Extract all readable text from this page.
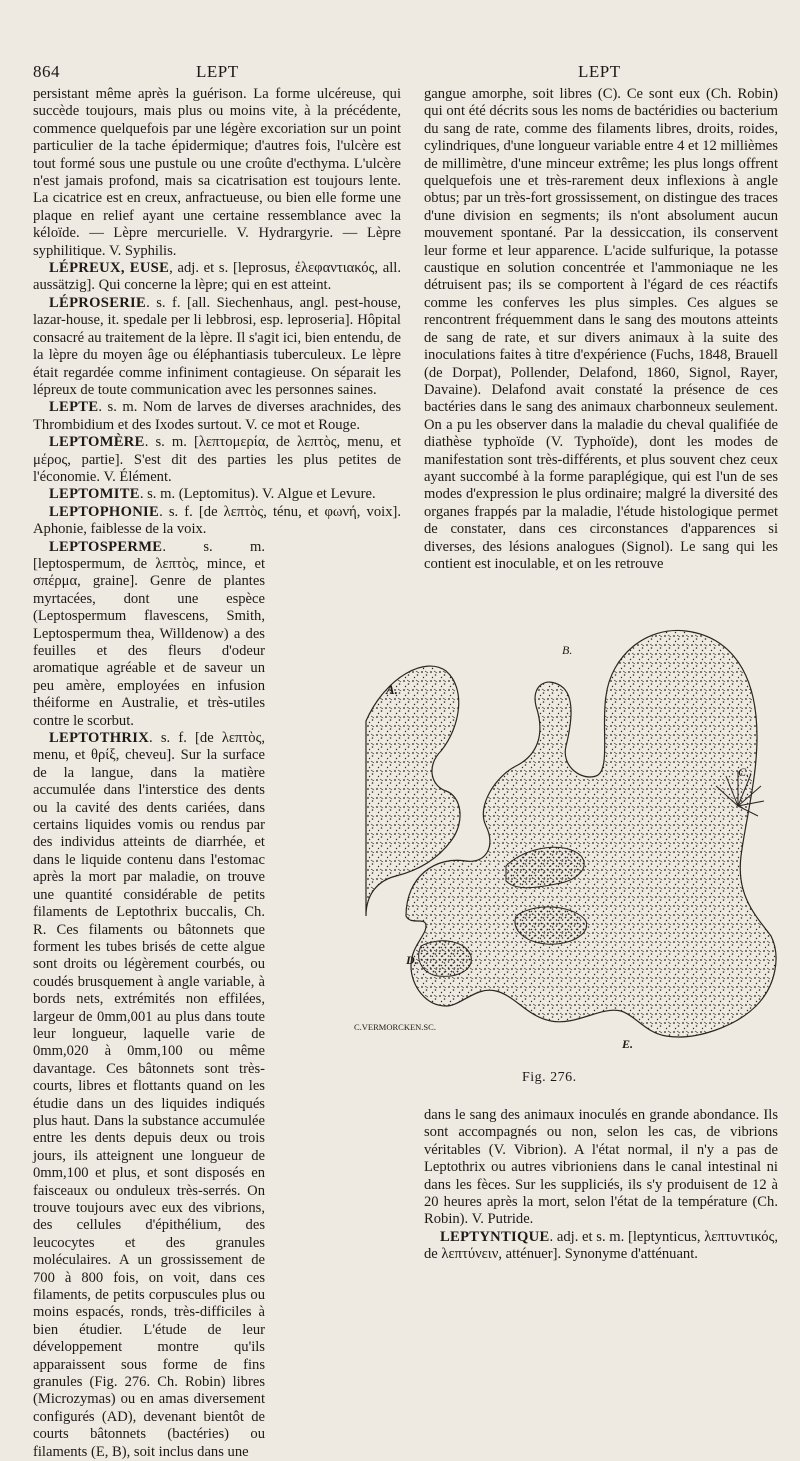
864	LEPT	LEPT

persistant même après la guérison. La forme ulcéreuse, qui succède toujours, mais plus ou moins vite, à la précédente, commence quelquefois par une légère excoriation sur un point particulier de la tache épidermique; d'autres fois, l'ulcère est tout formé sous une pustule ou une croûte d'ecthyma. L'ulcère n'est jamais profond, mais sa cicatrisation est toujours lente. La cicatrice est en creux, anfractueuse, ou bien elle forme une plaque en relief ayant une certaine ressemblance avec la kéloïde. — Lèpre mercurielle. V. Hydrargyrie. — Lèpre syphilitique. V. Syphilis.

LÉPREUX, EUSE, adj. et s. [leprosus, ἐλεφαντιακός, all. aussätzig]. Qui concerne la lèpre; qui en est atteint.

LÉPROSERIE. s. f. [all. Siechenhaus, angl. pest-house, lazar-house, it. spedale per li lebbrosi, esp. leproseria]. Hôpital consacré au traitement de la lèpre. Il s'agit ici, bien entendu, de la lèpre du moyen âge ou éléphantiasis tuberculeux. Le lèpre était regardée comme infiniment contagieuse. On séparait les lépreux de toute communication avec les personnes saines.

LEPTE. s. m. Nom de larves de diverses arachnides, des Thrombidium et des Ixodes surtout. V. ce mot et Rouge.

LEPTOMÈRE. s. m. [λεπτομερία, de λεπτὸς, menu, et μέρος, partie]. S'est dit des parties les plus petites de l'économie. V. Élément.

LEPTOMITE. s. m. (Leptomitus). V. Algue et Levure.

LEPTOPHONIE. s. f. [de λεπτὸς, ténu, et φωνή, voix]. Aphonie, faiblesse de la voix.

LEPTOSPERME. s. m. [leptospermum, de λεπτὸς, mince, et σπέρμα, graine]. Genre de plantes myrtacées, dont une espèce (Leptospermum flavescens, Smith, Leptospermum thea, Willdenow) a des feuilles et des fleurs d'odeur aromatique agréable et de saveur un peu amère, employées en infusion théiforme en Australie, et très-utiles contre le scorbut.

LEPTOTHRIX. s. f. [de λεπτὸς, menu, et θρίξ, cheveu]. Sur la surface de la langue, dans la matière accumulée dans l'interstice des dents ou la cavité des dents cariées, dans certains liquides vomis ou rendus par des individus atteints de diarrhée, et dans le liquide contenu dans l'estomac après la mort par maladie, on trouve une quantité considérable de petits filaments de Leptothrix buccalis, Ch. R. Ces filaments ou bâtonnets que forment les tubes brisés de cette algue sont droits ou légèrement courbés, ou coudés brusquement à angle variable, à bords nets, extrémités non effilées, largeur de 0mm,001 au plus dans toute leur longueur, laquelle varie de 0mm,020 à 0mm,100 ou même davantage. Ces bâtonnets sont très-courts, libres et flottants quand on les étudie dans un des liquides indiqués plus haut. Dans la substance accumulée entre les dents depuis deux ou trois jours, ils atteignent une longueur de 0mm,100 et plus, et sont disposés en faisceaux ou onduleux très-serrés. On trouve toujours avec eux des vibrions, des cellules d'épithélium, des leucocytes et des granules moléculaires. A un grossissement de 700 à 800 fois, on voit, dans ces filaments, de petits corpuscules plus ou moins espacés, ronds, très-difficiles à bien étudier. L'étude de leur développement montre qu'ils apparaissent sous forme de fins granules (Fig. 276. Ch. Robin) libres (Microzymas) ou en amas diversement configurés (AD), devenant bientôt de courts bâtonnets (bactéries) ou filaments (E, B), soit inclus dans une

gangue amorphe, soit libres (C). Ce sont eux (Ch. Robin) qui ont été décrits sous les noms de bactéridies ou bacterium du sang de rate, comme des filaments libres, droits, roides, cylindriques, d'une longueur variable entre 4 et 12 millièmes de millimètre, d'une minceur extrême; les plus longs offrent quelquefois une et très-rarement deux inflexions à angle obtus; par un très-fort grossissement, on distingue des traces d'une division en segments; ils n'ont absolument aucun mouvement spontané. Par la dessiccation, ils conservent leur forme et leur apparence. L'acide sulfurique, la potasse caustique en solution concentrée et l'ammoniaque ne les détruisent pas; ils se comportent à l'égard de ces réactifs comme les conferves les plus simples. Ces algues se rencontrent fréquemment dans le sang des moutons atteints de sang de rate, et sur divers animaux à la suite des inoculations faites à titre d'expérience (Fuchs, 1848, Brauell (de Dorpat), Pollender, Delafond, 1860, Signol, Rayer, Davaine). Delafond avait constaté la présence de ces bactéries dans le sang des animaux charbonneux seulement. On a pu les observer dans la maladie du cheval qualifiée de diathèse typhoïde (V. Typhoïde), dont les modes de manifestation sont très-différents, et plus souvent chez ceux ayant succombé à la forme paraplégique, qui est l'un de ses modes d'expression le plus ordinaire; malgré la diversité des organes frappés par la maladie, l'étude histologique permet de constater, dans ces circonstances d'apparences si diverses, des lésions analogues (Signol). Le sang qui les contient est inoculable, et on les retrouve

A.
B.
C.
D.
E.
C.VERMORCKEN.SC.
Fig. 276.

dans le sang des animaux inoculés en grande abondance. Ils sont accompagnés ou non, selon les cas, de vibrions véritables (V. Vibrion). A l'état normal, il n'y a pas de Leptothrix ou autres vibrioniens dans le canal intestinal ni dans les fèces. Sur les suppliciés, ils s'y produisent de 12 à 20 heures après la mort, selon l'état de la température (Ch. Robin). V. Putride.

LEPTYNTIQUE. adj. et s. m. [leptynticus, λεπτυντικός, de λεπτύνειν, atténuer]. Synonyme d'atténuant.
